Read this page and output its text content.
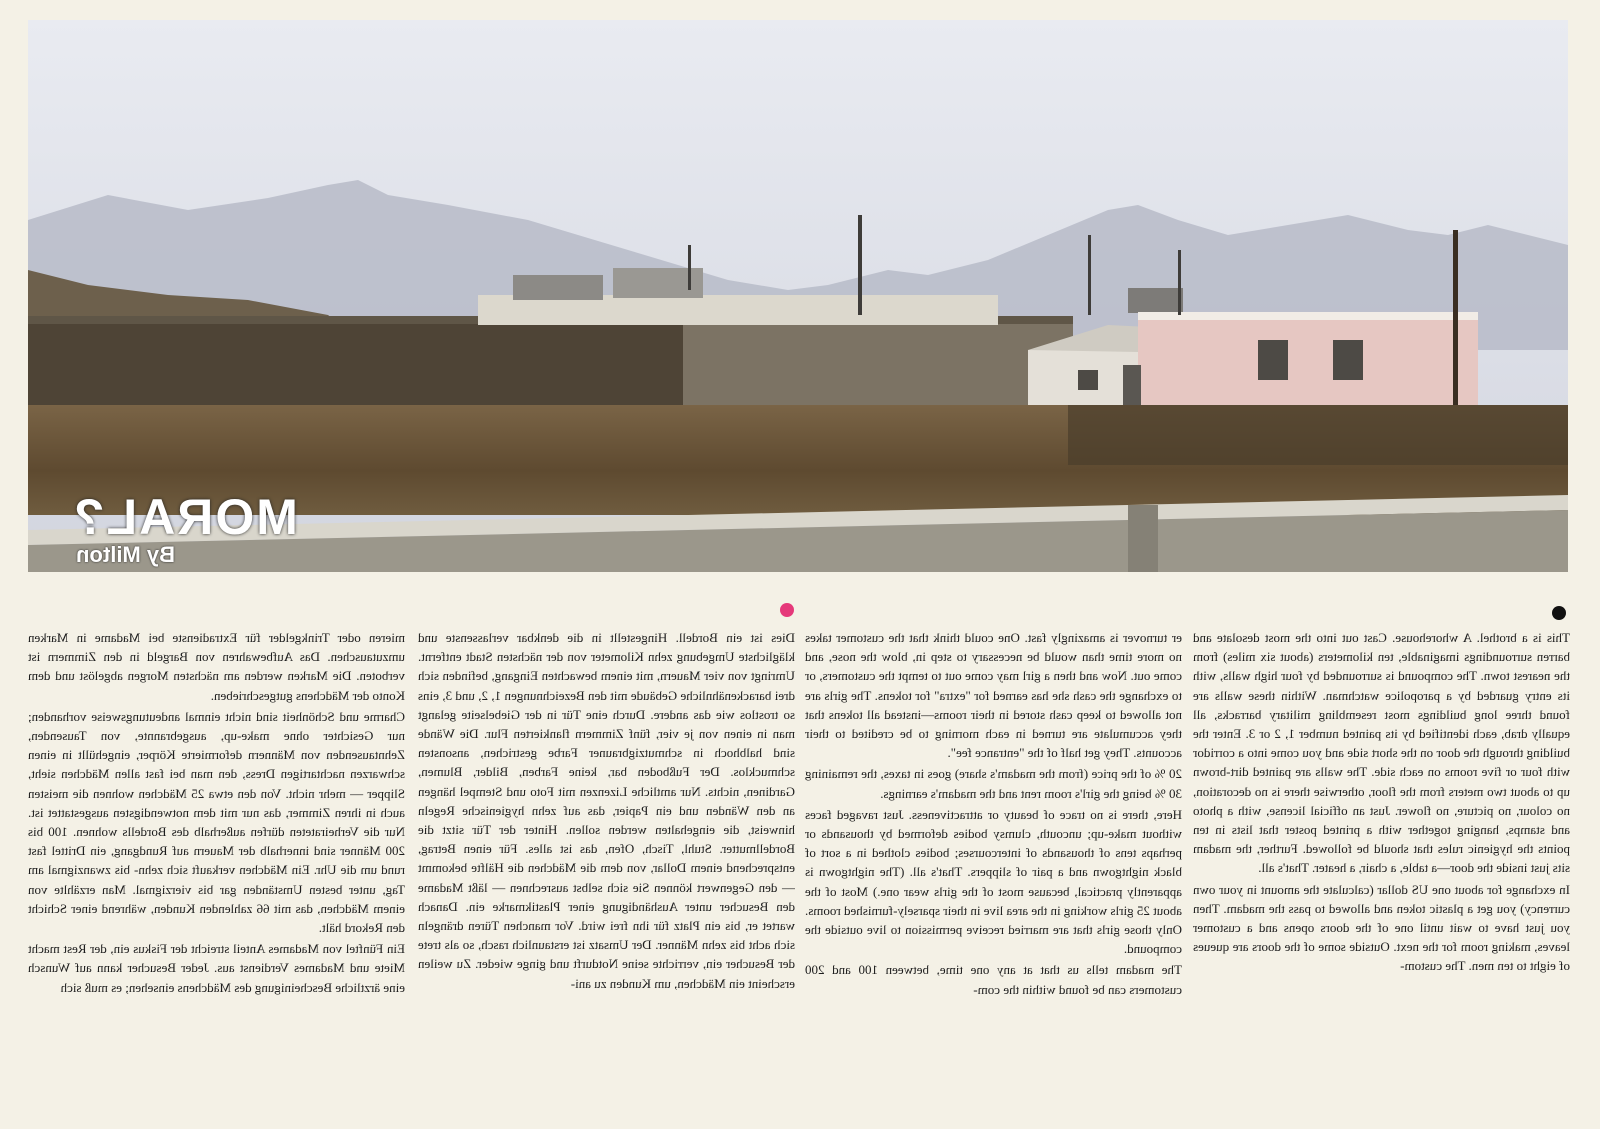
MORAL?
By Milton

This is a brothel. A whorehouse. Cast out into the most desolate and barren surroundings imaginable, ten kilometers (about six miles) from the nearest town. The compound is surrounded by four high walls, with its entry guarded by a paropolice watchman. Within these walls are found three long buildings most resembling military barracks, all equally drab, each identified by its painted number 1, 2 or 3. Enter the building through the door on the short side and you come into a corridor with four or five rooms on each side. The walls are painted dirt-brown up to about two meters from the floor, otherwise there is no decoration, no colour, no picture, no flower. Just an official license, with a photo and stamps, hanging together with a printed poster that lists in ten points the hygienic rules that should be followed. Further, the madam sits just inside the door—a table, a chair, a heater. That's all.

In exchange for about one US dollar (calculate the amount in your own currency) you get a plastic token and allowed to pass the madam. Then you just have to wait until one of the doors opens and a customer leaves, making room for the next. Outside some of the doors are queues of eight to ten men. The custom-

er turnover is amazingly fast. One could think that the customer takes no more time than would be necessary to step in, blow the nose, and come out. Now and then a girl may come out to tempt the customers, or to exchange the cash she has earned for "extra" for tokens. The girls are not allowed to keep cash stored in their rooms—instead all tokens that they accumulate are turned in each morning to be credited to their accounts. They get half of the "entrance fee".

20 % of the price (from the madam's share) goes in taxes, the remaining 30 % being the girl's room rent and the madam's earnings.

Here, there is no trace of beauty or attractiveness. Just ravaged faces without make-up; uncouth, clumsy bodies deformed by thousands or perhaps tens of thousands of intercourses; bodies clothed in a sort of black nightgown and a pair of slippers. That's all. (The nightgown is apparently practical, because most of the girls wear one.) Most of the about 25 girls working in the area live in their sparsely-furnished rooms. Only those girls that are married receive permission to live outside the compound.

The madam tells us that at any one time, between 100 and 200 customers can be found within the com-

Dies ist ein Bordell. Hingestellt in die denkbar verlassenste und kläglichste Umgebung zehn Kilometer von der nächsten Stadt entfernt. Umringt von vier Mauern, mit einem bewachten Eingang, befinden sich drei barackenähnliche Gebäude mit den Bezeichnungen 1, 2, und 3, eins so trostlos wie das andere. Durch eine Tür in der Giebelseite gelangt man in einen von je vier, fünf Zimmern flankierten Flur. Die Wände sind halbhoch in schmutzigbrauner Farbe gestrichen, ansonsten schmucklos. Der Fußboden bar, keine Farben, Bilder, Blumen, Gardinen, nichts. Nur amtliche Lizenzen mit Foto und Stempel hängen an den Wänden und ein Papier, das auf zehn hygienische Regeln hinweist, die eingehalten werden sollen. Hinter der Tür sitzt die Bordellmutter. Stuhl, Tisch, Ofen, das ist alles. Für einen Betrag, entsprechend einem Dollar, von dem die Mädchen die Hälfte bekommt — den Gegenwert können Sie sich selbst ausrechnen — läßt Madame den Besucher unter Aushändigung einer Plastikmarke ein. Danach wartet er, bis ein Platz für ihn frei wird. Vor manchen Türen drängeln sich acht bis zehn Männer. Der Umsatz ist erstaunlich rasch, so als trete der Besucher ein, verrichte seine Notdurft und ginge wieder. Zu weilen erscheint ein Mädchen, um Kunden zu ani-

mieren oder Trinkgelder für Extradienste bei Madame in Marken umzutauschen. Das Aufbewahren von Bargeld in den Zimmern ist verboten. Die Marken werden am nächsten Morgen abgelöst und dem Konto der Mädchens gutgeschrieben.

Charme und Schönheit sind nicht einmal andeutungsweise vorhanden; nur Gesichter ohne make-up, ausgebrannte, von Tausenden, Zehntausenden von Männern deformierte Körper, eingehüllt in einen schwarzen nachtartigen Dress, den man bei fast allen Mädchen sieht, Slipper — mehr nicht. Von den etwa 25 Mädchen wohnen die meisten auch in ihren Zimmer, das nur mit dem notwendigsten ausgestattet ist. Nur die Verheirateten dürfen außerhalb des Bordells wohnen. 100 bis 200 Männer sind innerhalb der Mauern auf Rundgang, ein Drittel fast rund um die Uhr. Ein Mädchen verkauft sich zehn- bis zwanzigmal am Tag, unter besten Umständen gar bis vierzigmal. Man erzählte von einem Mädchen, das mit 66 zahlenden Kunden, während einer Schicht den Rekord hält.

Ein Fünftel von Madames Anteil streicht der Fiskus ein, der Rest macht Miete und Madames Verdienst aus. Jeder Besucher kann auf Wunsch eine ärztliche Bescheinigung des Mädchens einsehen; es muß sich
